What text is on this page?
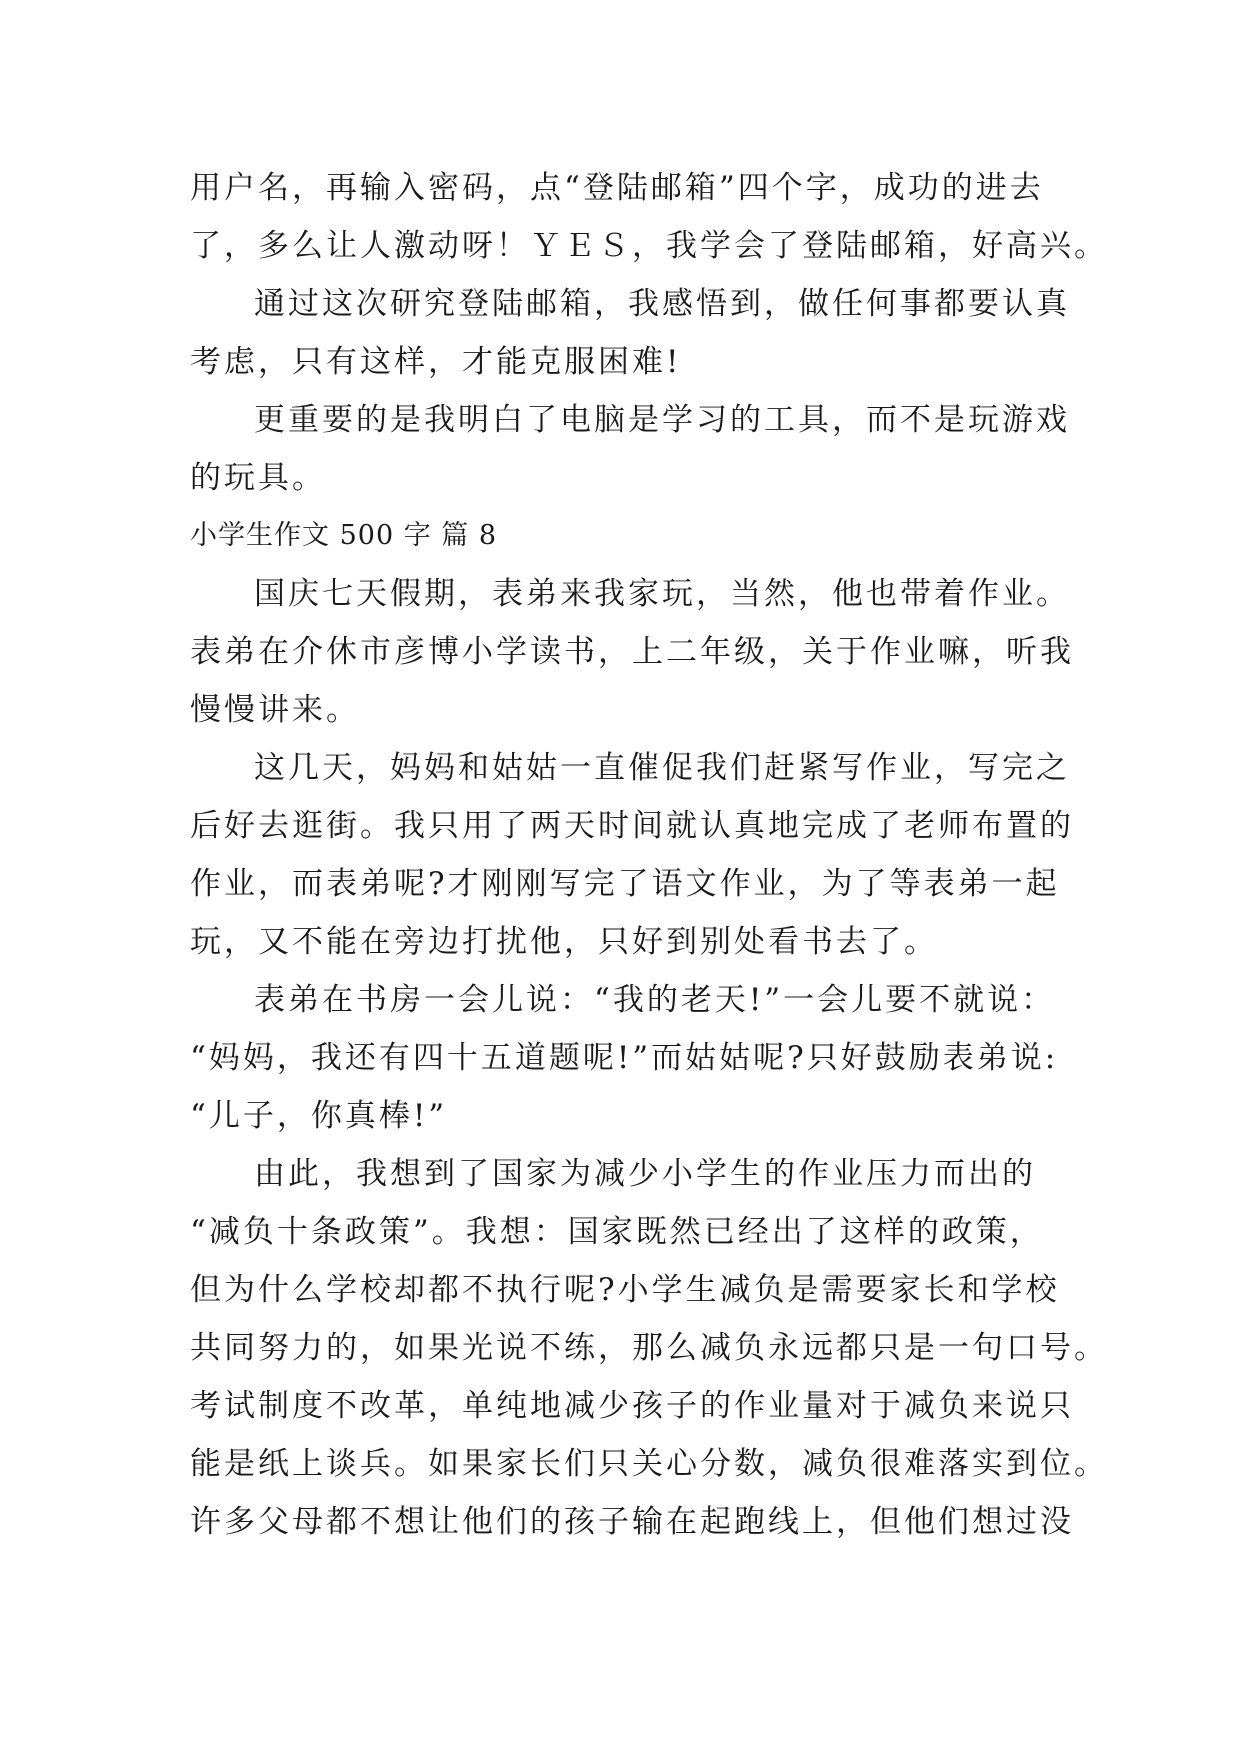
用户名，再输入密码，点“登陆邮箱”四个字，成功的进去
了，多么让人激动呀！ＹＥＳ，我学会了登陆邮箱，好高兴。
通过这次研究登陆邮箱，我感悟到，做任何事都要认真
考虑，只有这样，才能克服困难!
更重要的是我明白了电脑是学习的工具，而不是玩游戏
的玩具。
小学生作文 500 字 篇 8
国庆七天假期，表弟来我家玩，当然，他也带着作业。
表弟在介休市彦博小学读书，上二年级，关于作业嘛，听我
慢慢讲来。
这几天，妈妈和姑姑一直催促我们赶紧写作业，写完之
后好去逛街。我只用了两天时间就认真地完成了老师布置的
作业，而表弟呢?才刚刚写完了语文作业，为了等表弟一起
玩，又不能在旁边打扰他，只好到别处看书去了。
表弟在书房一会儿说：“我的老天!”一会儿要不就说：
“妈妈，我还有四十五道题呢!”而姑姑呢?只好鼓励表弟说:
“儿子，你真棒!”
由此，我想到了国家为减少小学生的作业压力而出的
“减负十条政策”。我想：国家既然已经出了这样的政策，
但为什么学校却都不执行呢?小学生减负是需要家长和学校
共同努力的，如果光说不练，那么减负永远都只是一句口号。
考试制度不改革，单纯地减少孩子的作业量对于减负来说只
能是纸上谈兵。如果家长们只关心分数，减负很难落实到位。
许多父母都不想让他们的孩子输在起跑线上，但他们想过没
